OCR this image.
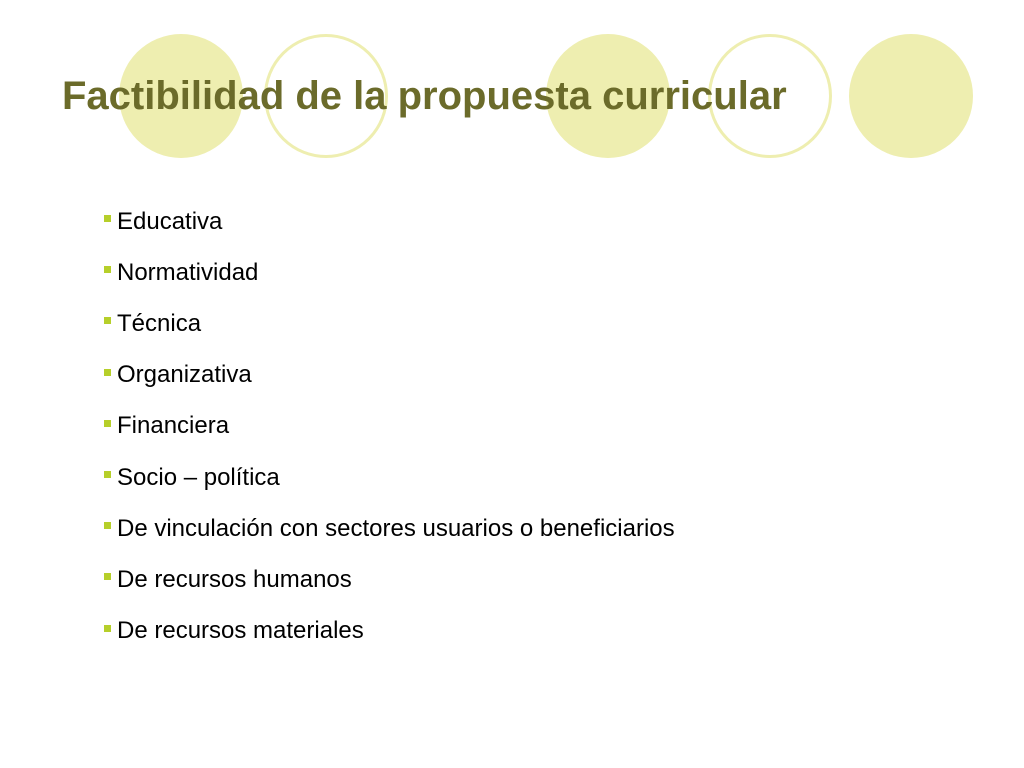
Factibilidad de la propuesta curricular
Educativa
Normatividad
Técnica
Organizativa
Financiera
Socio – política
De vinculación con sectores usuarios o beneficiarios
De recursos humanos
De recursos materiales
